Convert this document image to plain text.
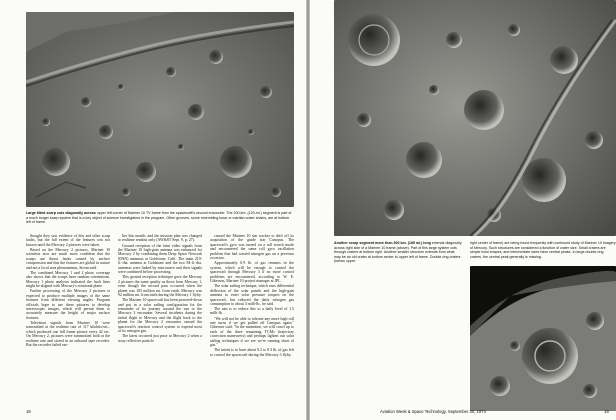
Large tilted scarp cuts diagonally across upper left corner of Mariner 10 TV frame from the spacecraft's second encounter. The 200-km. (120-mi.) segment is part of a much longer scarp system that is a key object of science investigators in the program. Other grooves, some resembling lunar or martian crater chains, are at bottom left of frame.

thought they saw evidence of this and other scarp faults, but the full extent of the features was not known until the Mercury 2 pictures were taken.

Based on the Mercury 2 pictures, Mariner 10 scientists now are much more confident that the scarps are thrust faults caused by surface compression and that the features are global in nature and not a local area phenomenon, Strom said.

The combined Mercury 1 and 2 photo coverage also shows that the scarps have random orientations. Mercury 1 photo analyses indicated the fault lines might be aligned with Mercury's rotational plane.

Further processing of the Mercury 2 pictures is expected to produce multiple images of the same features from different viewing angles. Program officials hope to use these pictures to develop stereoscopic images, which will permit them to accurately measure the height of major surface features.

Television signals from Mariner 10 were transmitted at the realtime rate of 117 kilobits/sec., which produced one full frame picture every 42 sec. On Mercury 2, pictures were transmitted both at the realtime rate and stored in an onboard tape recorder. But the recorder failed ear-

lier this month, and the mission plan was changed to realtime readout only (AW&ST Sept. 9, p. 27).

Ground reception of the faint video signals from the Mariner 10 high-gain antenna was enhanced for Mercury 2 by combining them Deep Space Network (DSN) antennas at Goldstone, Calif. The main 210-ft.-dia. antenna at Goldstone and the two 84-ft.-dia. antennas were linked by microwave and their signals were combined before processing.

This ground reception technique gave the Mercury 2 pictures the same quality as those from Mercury 1, even though the second pass occurred when the planet was 105 million mi. from earth. Mercury was 92 million mi. from earth during the Mercury 1 flyby.

The Mariner 10 spacecraft has been powered-down and put in a solar sailing configuration for the remainder of its journey around the sun to the Mercury 3 encounter. Several incidents during the initial flight to Mercury and the flight back to the planet for the Mercury 2 encounter caused the spacecraft's reaction control system to expend most of its nitrogen gas.

The latest occurred just prior to Mercury 2 when a stray reflective particle

caused the Mariner 10 star tracker to drift off its acquisition of the guide star Canopus. The spacecraft's gyro was turned on a roll search mode and encountered the same roll gyro oscillation problem that had wasted nitrogen gas on a previous occasion.

Approximately 0.9 lb. of gas remains in the system, which will be enough to control the spacecraft through Mercury 3 if no more control problems are encountered, according to W. E. Giberson, Mariner 10 project manager at JPL.

The solar sailing technique, which uses differential deflection of the solar panels and the high-gain antenna to exert solar pressure torques on the spacecraft, has reduced the daily nitrogen gas consumption to about 3 milli-lb., he said.

The aim is to reduce this to a daily level of 1.5 milli-lb.

"We will not be able to tolerate any more high roll rate turns if we get pulled off Canopus again," Giberson said. "In the meantime, we will crawl up to each of the three remaining TCMs (trajectory correction maneuvers) and perhaps lighten our solar sailing techniques if we see we're running short of gas."

The intent is to have about 0.2 to 0.3 lb. of gas left to control the spacecraft during the Mercury 3 flyby.

18

Another scarp segment more than 300 km. (185 mi.) long extends diagonally across right side of a Mariner 10 frame (above). Part of this large system cuts through craters at bottom right. Another smaller structure extends from what may be an old crater at bottom center to upper left of frame. Double-ring craters (below, upper

right center of frame) are being found frequently with continued study of Mariner 10 imagery of Mercury. Such structures are considered a function of crater size. Small craters are simple bowl shapes, and intermediate sizes have central peaks. In large double-ring craters, the central peak generally is missing.

Aviation Week & Space Technology, September 30, 1974	19
